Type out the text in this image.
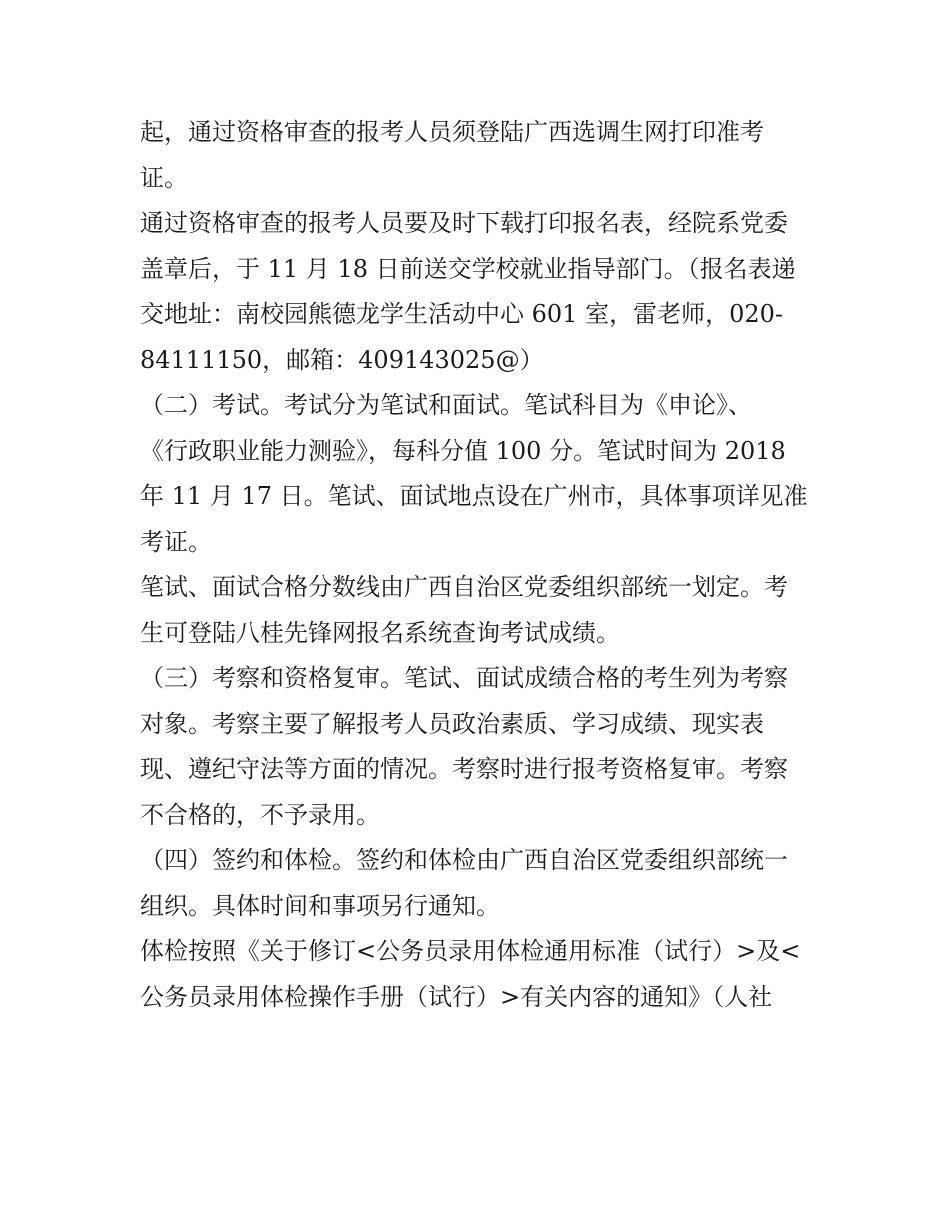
起，通过资格审查的报考人员须登陆广西选调生网打印准考
证。
通过资格审查的报考人员要及时下载打印报名表，经院系党委
盖章后，于 11 月 18 日前送交学校就业指导部门。（报名表递
交地址：南校园熊德龙学生活动中心 601 室，雷老师，020-
84111150，邮箱：409143025@）
（二）考试。考试分为笔试和面试。笔试科目为《申论》、
《行政职业能力测验》，每科分值 100 分。笔试时间为 2018
年 11 月 17 日。笔试、面试地点设在广州市，具体事项详见准
考证。
笔试、面试合格分数线由广西自治区党委组织部统一划定。考
生可登陆八桂先锋网报名系统查询考试成绩。
（三）考察和资格复审。笔试、面试成绩合格的考生列为考察
对象。考察主要了解报考人员政治素质、学习成绩、现实表
现、遵纪守法等方面的情况。考察时进行报考资格复审。考察
不合格的，不予录用。
（四）签约和体检。签约和体检由广西自治区党委组织部统一
组织。具体时间和事项另行通知。
体检按照《关于修订<公务员录用体检通用标准（试行）>及<
公务员录用体检操作手册（试行）>有关内容的通知》（人社
